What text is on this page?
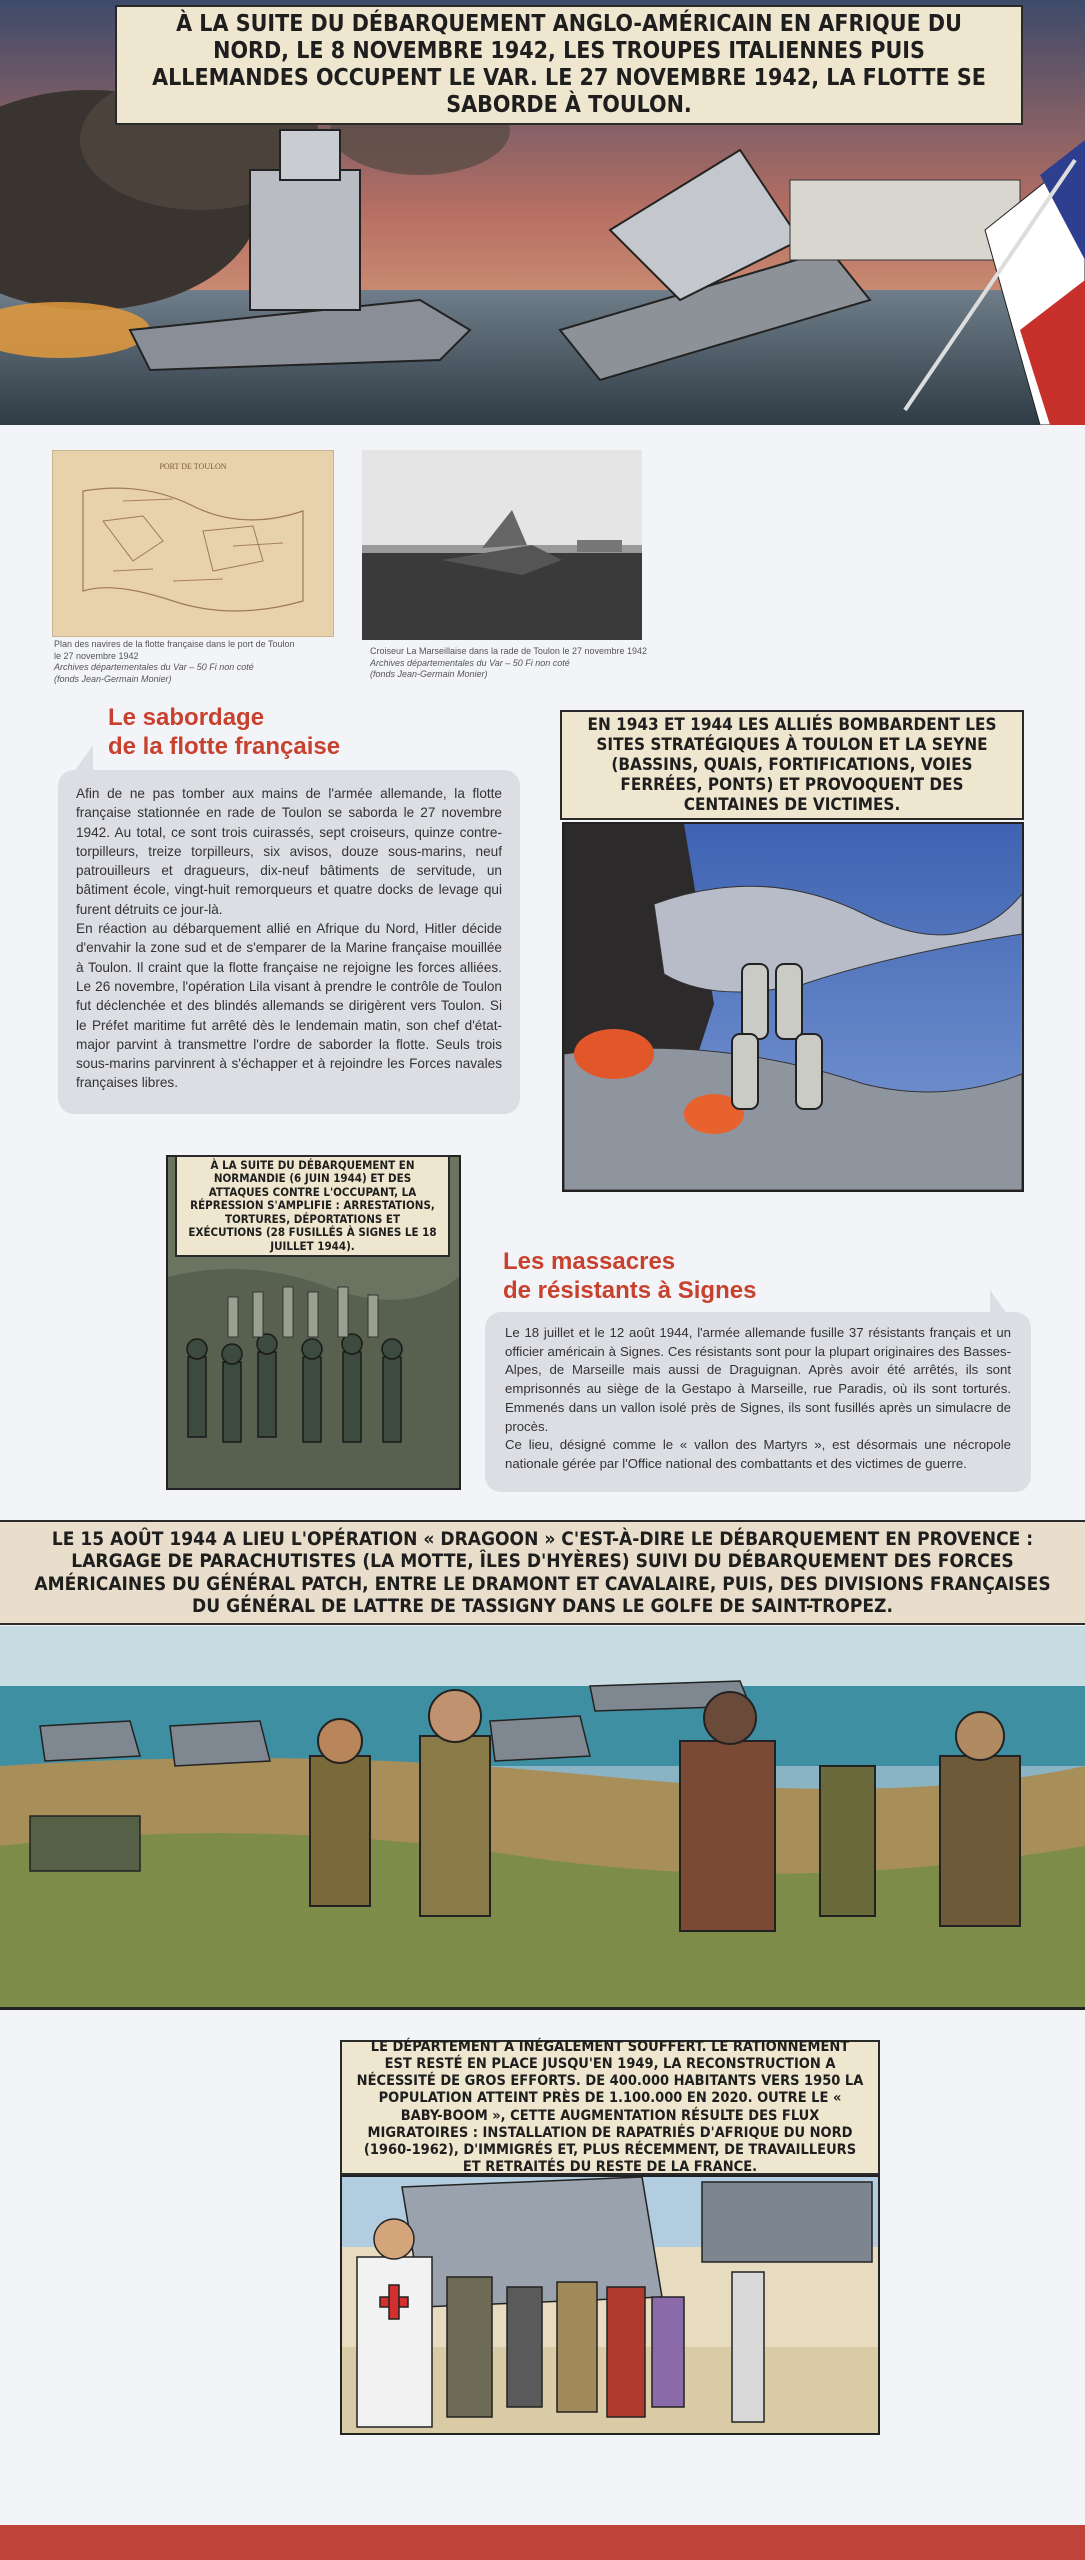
À LA SUITE DU DÉBARQUEMENT ANGLO-AMÉRICAIN EN AFRIQUE DU NORD, LE 8 NOVEMBRE 1942, LES TROUPES ITALIENNES PUIS ALLEMANDES OCCUPENT LE VAR. LE 27 NOVEMBRE 1942, LA FLOTTE SE SABORDE À TOULON.
PORT DE TOULON
Plan des navires de la flotte française dans le port de Toulon
le 27 novembre 1942
Archives départementales du Var – 50 Fi non coté
(fonds Jean-Germain Monier)
Croiseur La Marseillaise dans la rade de Toulon le 27 novembre 1942
Archives départementales du Var – 50 Fi non coté
(fonds Jean-Germain Monier)
Le sabordage
de la flotte française

Afin de ne pas tomber aux mains de l'armée allemande, la flotte française stationnée en rade de Toulon se saborda le 27 novembre 1942. Au total, ce sont trois cuirassés, sept croiseurs, quinze contre-torpilleurs, treize torpilleurs, six avisos, douze sous-marins, neuf patrouilleurs et dragueurs, dix-neuf bâtiments de servitude, un bâtiment école, vingt-huit remorqueurs et quatre docks de levage qui furent détruits ce jour-là.

En réaction au débarquement allié en Afrique du Nord, Hitler décide d'envahir la zone sud et de s'emparer de la Marine française mouillée à Toulon. Il craint que la flotte française ne rejoigne les forces alliées. Le 26 novembre, l'opération Lila visant à prendre le contrôle de Toulon fut déclenchée et des blindés allemands se dirigèrent vers Toulon. Si le Préfet maritime fut arrêté dès le lendemain matin, son chef d'état-major parvint à transmettre l'ordre de saborder la flotte. Seuls trois sous-marins parvinrent à s'échapper et à rejoindre les Forces navales françaises libres.

EN 1943 ET 1944 LES ALLIÉS BOMBARDENT LES SITES STRATÉGIQUES À TOULON ET LA SEYNE (BASSINS, QUAIS, FORTIFICATIONS, VOIES FERRÉES, PONTS) ET PROVOQUENT DES CENTAINES DE VICTIMES.
À LA SUITE DU DÉBARQUEMENT EN NORMANDIE (6 JUIN 1944) ET DES ATTAQUES CONTRE L'OCCUPANT, LA RÉPRESSION S'AMPLIFIE : ARRESTATIONS, TORTURES, DÉPORTATIONS ET EXÉCUTIONS (28 FUSILLÉS À SIGNES LE 18 JUILLET 1944).
Les massacres
de résistants à Signes

Le 18 juillet et le 12 août 1944, l'armée allemande fusille 37 résistants français et un officier américain à Signes. Ces résistants sont pour la plupart originaires des Basses-Alpes, de Marseille mais aussi de Draguignan. Après avoir été arrêtés, ils sont emprisonnés au siège de la Gestapo à Marseille, rue Paradis, où ils sont torturés. Emmenés dans un vallon isolé près de Signes, ils sont fusillés après un simulacre de procès.

Ce lieu, désigné comme le « vallon des Martyrs », est désormais une nécropole nationale gérée par l'Office national des combattants et des victimes de guerre.

LE 15 AOÛT 1944 A LIEU L'OPÉRATION « DRAGOON » C'EST-À-DIRE LE DÉBARQUEMENT EN PROVENCE : LARGAGE DE PARACHUTISTES (LA MOTTE, ÎLES D'HYÈRES) SUIVI DU DÉBARQUEMENT DES FORCES AMÉRICAINES DU GÉNÉRAL PATCH, ENTRE LE DRAMONT ET CAVALAIRE, PUIS, DES DIVISIONS FRANÇAISES DU GÉNÉRAL DE LATTRE DE TASSIGNY DANS LE GOLFE DE SAINT-TROPEZ.
LE DÉPARTEMENT A INÉGALEMENT SOUFFERT. LE RATIONNEMENT EST RESTÉ EN PLACE JUSQU'EN 1949, LA RECONSTRUCTION A NÉCESSITÉ DE GROS EFFORTS. DE 400.000 HABITANTS VERS 1950 LA POPULATION ATTEINT PRÈS DE 1.100.000 EN 2020. OUTRE LE « BABY-BOOM », CETTE AUGMENTATION RÉSULTE DES FLUX MIGRATOIRES : INSTALLATION DE RAPATRIÉS D'AFRIQUE DU NORD (1960-1962), D'IMMIGRÉS ET, PLUS RÉCEMMENT, DE TRAVAILLEURS ET RETRAITÉS DU RESTE DE LA FRANCE.
